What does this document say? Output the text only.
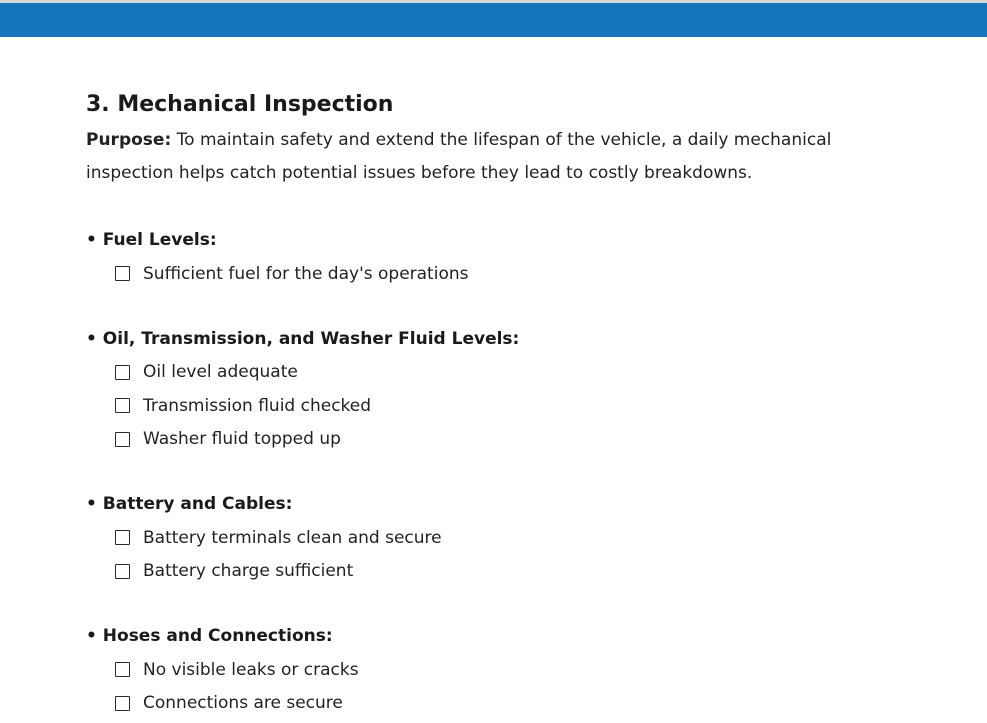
3. Mechanical Inspection

Purpose: To maintain safety and extend the lifespan of the vehicle, a daily mechanical inspection helps catch potential issues before they lead to costly breakdowns.

• Fuel Levels:

Sufficient fuel for the day's operations

• Oil, Transmission, and Washer Fluid Levels:

Oil level adequate
Transmission fluid checked
Washer fluid topped up

• Battery and Cables:

Battery terminals clean and secure
Battery charge sufficient

• Hoses and Connections:

No visible leaks or cracks
Connections are secure
